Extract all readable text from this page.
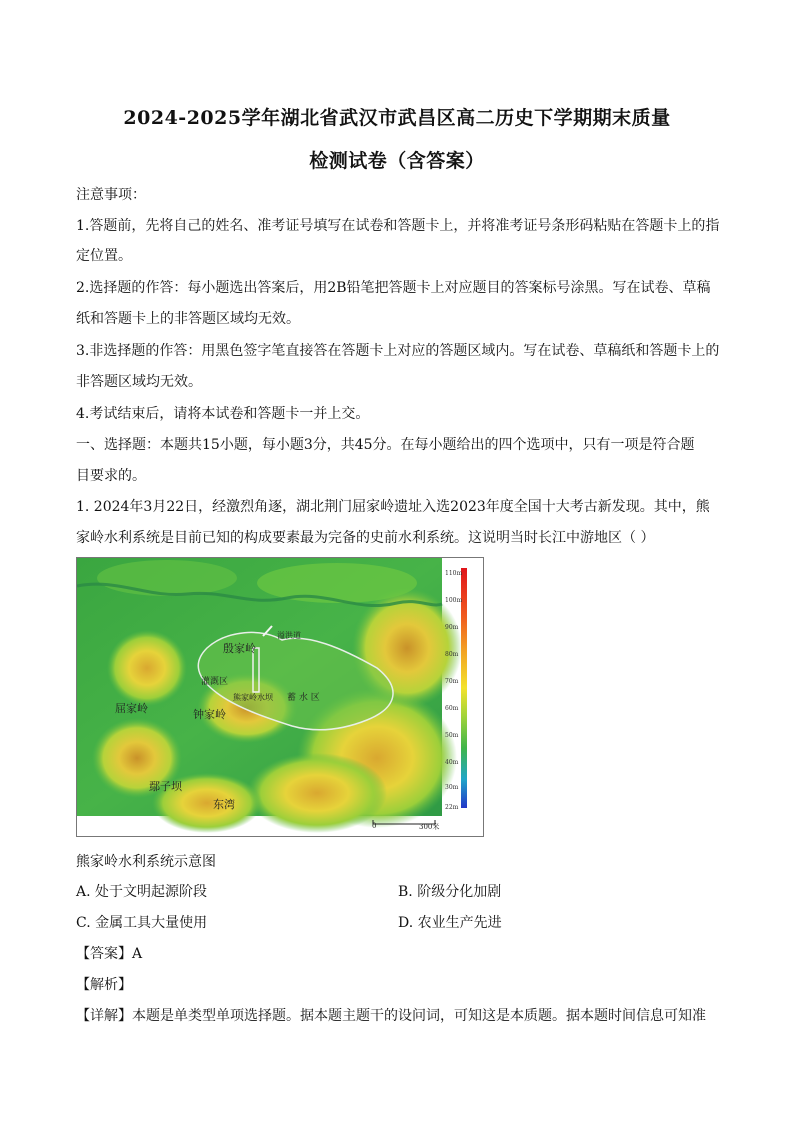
2024-2025学年湖北省武汉市武昌区高二历史下学期期末质量
检测试卷（含答案）
注意事项：
1.答题前，先将自己的姓名、准考证号填写在试卷和答题卡上，并将准考证号条形码粘贴在答题卡上的指
定位置。
2.选择题的作答：每小题选出答案后，用2B铅笔把答题卡上对应题目的答案标号涂黑。写在试卷、草稿
纸和答题卡上的非答题区域均无效。
3.非选择题的作答：用黑色签字笔直接答在答题卡上对应的答题区域内。写在试卷、草稿纸和答题卡上的
非答题区域均无效。
4.考试结束后，请将本试卷和答题卡一并上交。
一、选择题：本题共15小题，每小题3分，共45分。在每小题给出的四个选项中，只有一项是符合题
目要求的。
1. 2024年3月22日，经激烈角逐，湖北荆门屈家岭遗址入选2023年度全国十大考古新发现。其中，熊
家岭水利系统是目前已知的构成要素最为完备的史前水利系统。这说明当时长江中游地区（ ）
殷家岭
溢洪道
灌溉区
熊家岭水坝 蓄 水 区
屈家岭	钟家岭
鄢子坝
东湾
0	300米
110m
100m
90m
80m
70m
60m
50m
40m
30m
22m
熊家岭水利系统示意图
A. 处于文明起源阶段	B. 阶级分化加剧
C. 金属工具大量使用	D. 农业生产先进
【答案】A
【解析】
【详解】本题是单类型单项选择题。据本题主题干的设问词，可知这是本质题。据本题时间信息可知准
